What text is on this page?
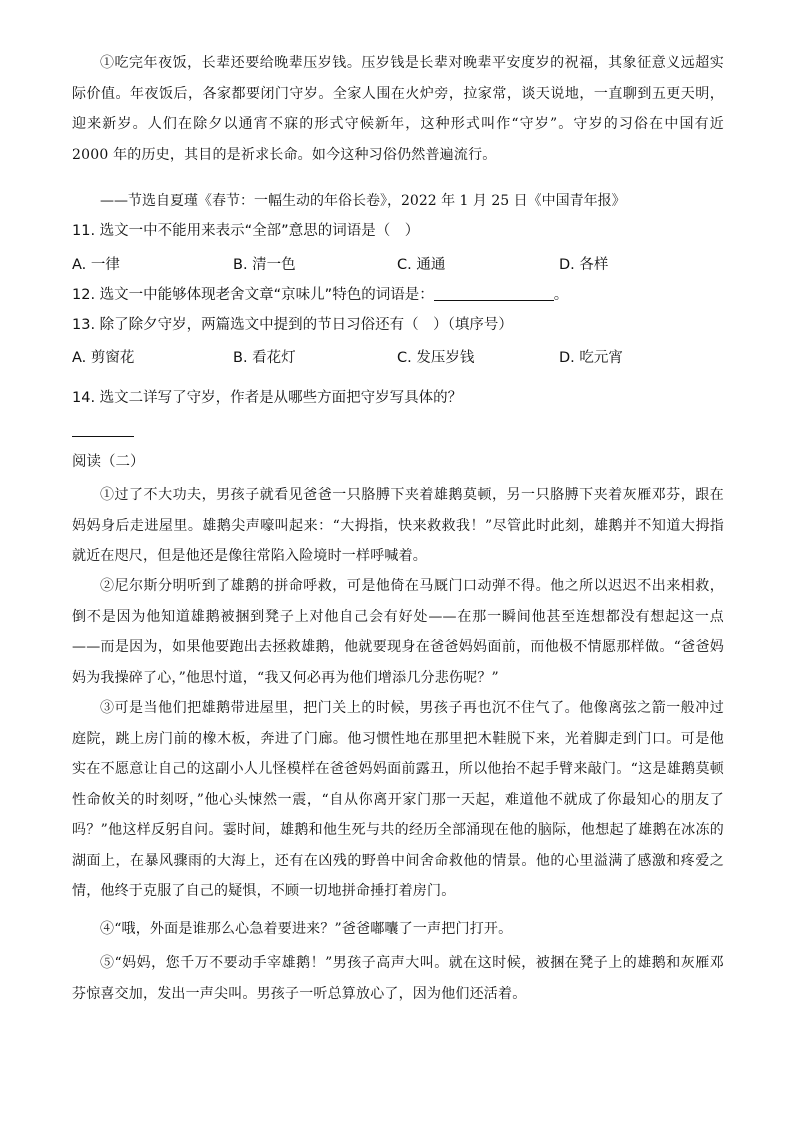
①吃完年夜饭，长辈还要给晚辈压岁钱。压岁钱是长辈对晚辈平安度岁的祝福，其象征意义远超实际价值。年夜饭后，各家都要闭门守岁。全家人围在火炉旁，拉家常，谈天说地，一直聊到五更天明，迎来新岁。人们在除夕以通宵不寐的形式守候新年，这种形式叫作“守岁”。守岁的习俗在中国有近 2000 年的历史，其目的是祈求长命。如今这种习俗仍然普遍流行。

——节选自夏瑾《春节：一幅生动的年俗长卷》，2022 年 1 月 25 日《中国青年报》
11. 选文一中不能用来表示“全部”意思的词语是（　）
A. 一律	B. 清一色	C. 通通	D. 各样
12. 选文一中能够体现老舍文章“京味儿”特色的词语是：	。
13. 除了除夕守岁，两篇选文中提到的节日习俗还有（　）（填序号）
A. 剪窗花	B. 看花灯	C. 发压岁钱	D. 吃元宵
14. 选文二详写了守岁，作者是从哪些方面把守岁写具体的？
阅读（二）

①过了不大功夫，男孩子就看见爸爸一只胳膊下夹着雄鹅莫顿，另一只胳膊下夹着灰雁邓芬，跟在妈妈身后走进屋里。雄鹅尖声嚎叫起来：“大拇指，快来救救我！”尽管此时此刻，雄鹅并不知道大拇指就近在咫尺，但是他还是像往常陷入险境时一样呼喊着。

②尼尔斯分明听到了雄鹅的拼命呼救，可是他倚在马厩门口动弹不得。他之所以迟迟不出来相救，倒不是因为他知道雄鹅被捆到凳子上对他自己会有好处——在那一瞬间他甚至连想都没有想起这一点——而是因为，如果他要跑出去拯救雄鹅，他就要现身在爸爸妈妈面前，而他极不情愿那样做。“爸爸妈妈为我操碎了心，”他思忖道，“我又何必再为他们增添几分悲伤呢？”

③可是当他们把雄鹅带进屋里，把门关上的时候，男孩子再也沉不住气了。他像离弦之箭一般冲过庭院，跳上房门前的橡木板，奔进了门廊。他习惯性地在那里把木鞋脱下来，光着脚走到门口。可是他实在不愿意让自己的这副小人儿怪模样在爸爸妈妈面前露丑，所以他抬不起手臂来敲门。“这是雄鹅莫顿性命攸关的时刻呀，”他心头悚然一震，“自从你离开家门那一天起，难道他不就成了你最知心的朋友了吗？”他这样反躬自问。霎时间，雄鹅和他生死与共的经历全部涌现在他的脑际，他想起了雄鹅在冰冻的湖面上，在暴风骤雨的大海上，还有在凶残的野兽中间舍命救他的情景。他的心里溢满了感激和疼爱之情，他终于克服了自己的疑惧，不顾一切地拼命捶打着房门。

④“哦，外面是谁那么心急着要进来？”爸爸嘟囔了一声把门打开。

⑤“妈妈，您千万不要动手宰雄鹅！”男孩子高声大叫。就在这时候，被捆在凳子上的雄鹅和灰雁邓芬惊喜交加，发出一声尖叫。男孩子一听总算放心了，因为他们还活着。
